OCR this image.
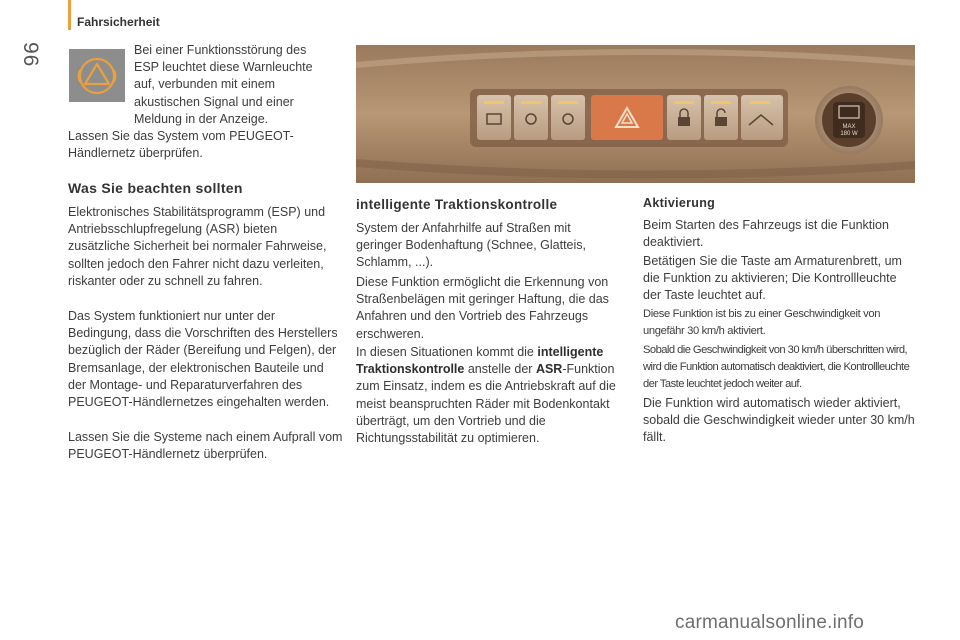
Fahrsicherheit
96	Bei einer Funktionsstörung des ESP leuchtet diese Warnleuchte auf, verbunden mit einem akustischen Signal und einer Meldung in der Anzeige.

Lassen Sie das System vom PEUGEOT-Händlernetz überprüfen.

Was Sie beachten sollten

Elektronisches Stabilitätsprogramm (ESP) und Antriebsschlupfregelung (ASR) bieten zusätzliche Sicherheit bei normaler Fahrweise, sollten jedoch den Fahrer nicht dazu verleiten, riskanter oder zu schnell zu fahren.

Das System funktioniert nur unter der Bedingung, dass die Vorschriften des Herstellers bezüglich der Räder (Bereifung und Felgen), der Bremsanlage, der elektronischen Bauteile und der Montage- und Reparaturverfahren des PEUGEOT-Händlernetzes eingehalten werden.

Lassen Sie die Systeme nach einem Aufprall vom PEUGEOT-Händlernetz überprüfen.

MAX
180 W
intelligente Traktionskontrolle

System der Anfahrhilfe auf Straßen mit geringer Bodenhaftung (Schnee, Glatteis, Schlamm, ...).

Diese Funktion ermöglicht die Erkennung von Straßenbelägen mit geringer Haftung, die das Anfahren und den Vortrieb des Fahrzeugs erschweren.

In diesen Situationen kommt die intelligente Traktionskontrolle anstelle der ASR-Funktion zum Einsatz, indem es die Antriebskraft auf die meist beanspruchten Räder mit Bodenkontakt überträgt, um den Vortrieb und die Richtungsstabilität zu optimieren.

Aktivierung

Beim Starten des Fahrzeugs ist die Funktion deaktiviert.

Betätigen Sie die Taste am Armaturenbrett, um die Funktion zu aktivieren; Die Kontrollleuchte der Taste leuchtet auf.

Diese Funktion ist bis zu einer Geschwindigkeit von ungefähr 30 km/h aktiviert.

Sobald die Geschwindigkeit von 30 km/h überschritten wird, wird die Funktion automatisch deaktiviert, die Kontrollleuchte der Taste leuchtet jedoch weiter auf.

Die Funktion wird automatisch wieder aktiviert, sobald die Geschwindigkeit wieder unter 30 km/h fällt.

carmanualsonline.info
